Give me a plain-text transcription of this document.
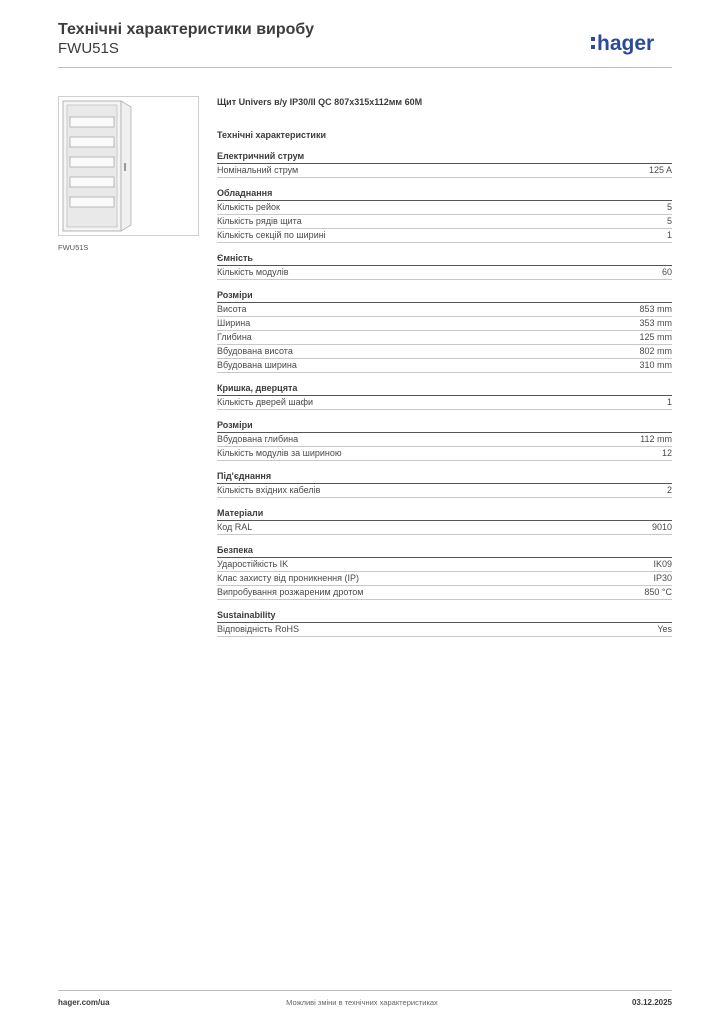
Технічні характеристики виробу
FWU51S	hager
FWU51S
Щит Univers в/у IP30/II QC 807x315x112мм 60M
Технічні характеристики
Електричний струм
Номінальний струм	125 A
Обладнання
Кількість рейок	5
Кількість рядів щита	5
Кількість секцій по ширині	1
Ємність
Кількість модулів	60
Розміри
Висота	853 mm
Ширина	353 mm
Глибина	125 mm
Вбудована висота	802 mm
Вбудована ширина	310 mm
Кришка, дверцята
Кількість дверей шафи	1
Розміри
Вбудована глибина	112 mm
Кількість модулів за шириною	12
Під'єднання
Кількість вхідних кабелів	2
Матеріали
Код RAL	9010
Безпека
Ударостійкість IK	IK09
Клас захисту від проникнення (IP)	IP30
Випробування розжареним дротом	850 °C
Sustainability
Відповідність RoHS	Yes
hager.com/ua	Можливі зміни в технічних характеристиках	03.12.2025
